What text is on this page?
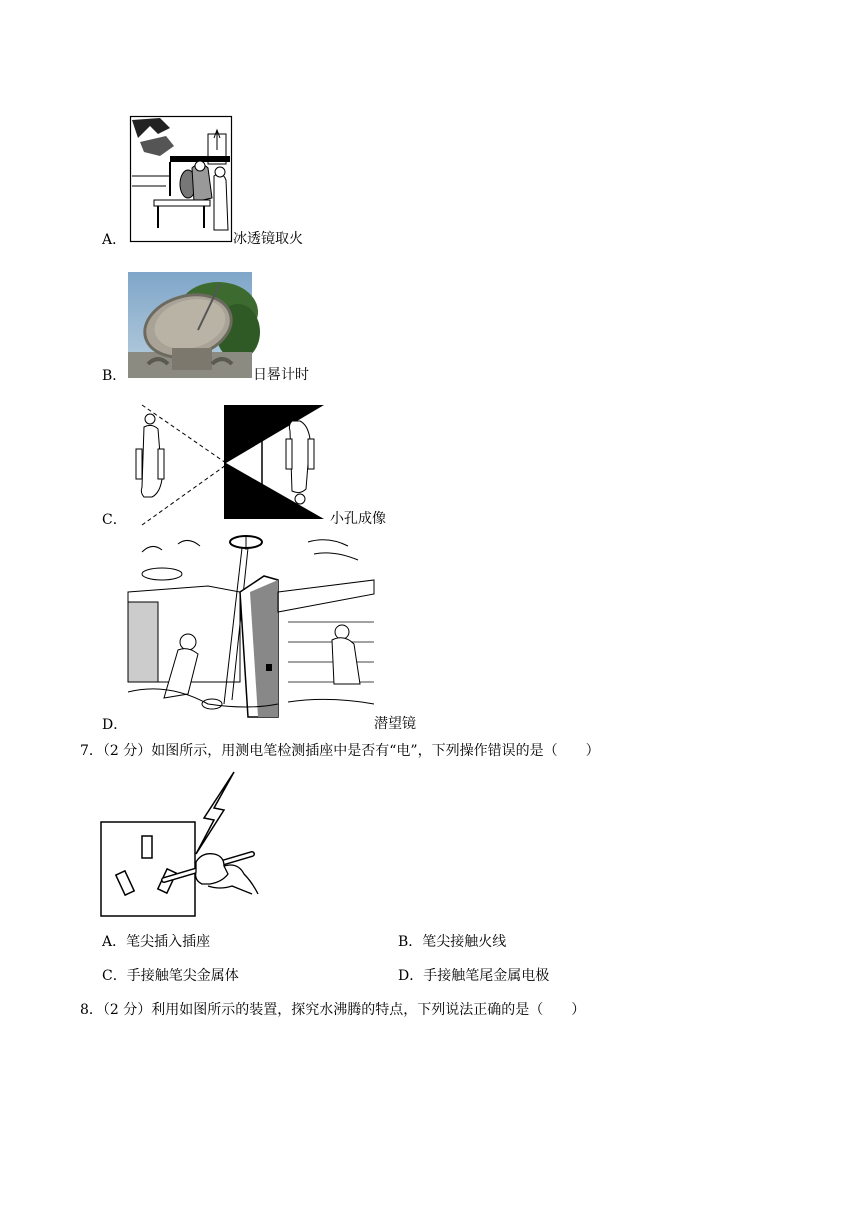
A．	冰透镜取火
B．	日晷计时
C．	小孔成像
D．	潜望镜
7．（2 分）如图所示，用测电笔检测插座中是否有“电”，下列操作错误的是（　　）
A．笔尖插入插座	B．笔尖接触火线
C．手接触笔尖金属体	D．手接触笔尾金属电极
8．（2 分）利用如图所示的装置，探究水沸腾的特点，下列说法正确的是（　　）
